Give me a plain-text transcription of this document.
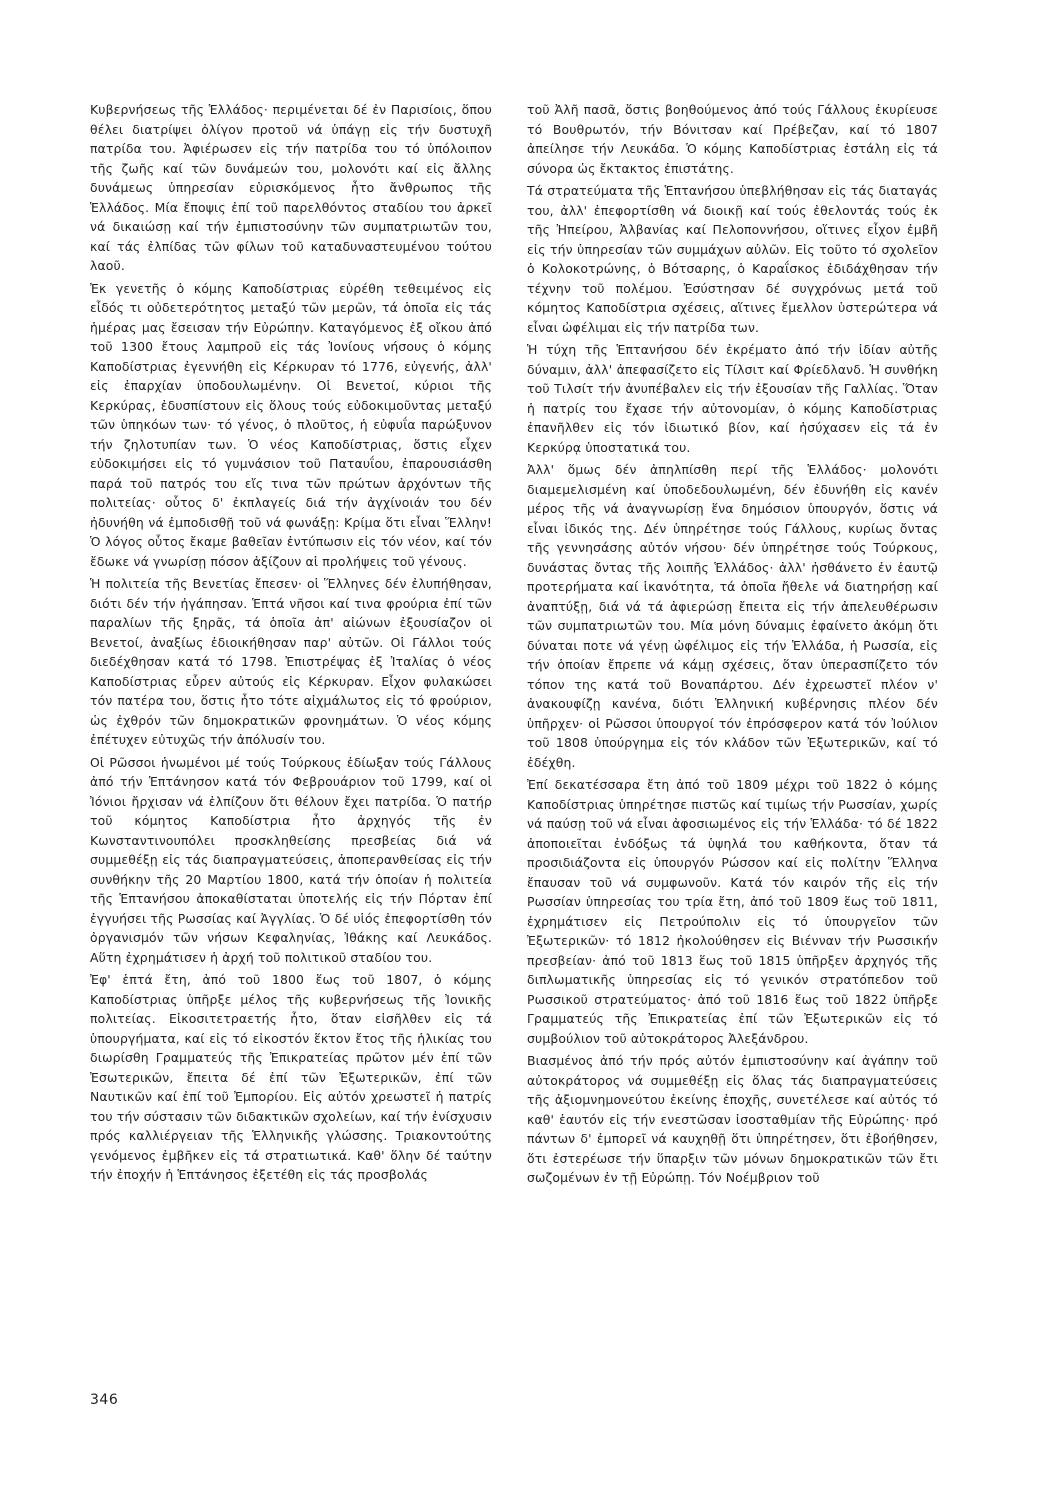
Κυβερνήσεως τῆς Ἑλλάδος· περιμένεται δέ ἐν Παρισίοις, ὅπου θέλει διατρίψει ὀλίγον προτοῦ νά ὑπάγῃ εἰς τήν δυστυχῆ πατρίδα του. Ἀφιέρωσεν εἰς τήν πατρίδα του τό ὑπόλοιπον τῆς ζωῆς καί τῶν δυνάμεών του, μολονότι καί εἰς ἄλλης δυνάμεως ὑπηρεσίαν εὑρισκόμενος ἦτο ἄνθρωπος τῆς Ἑλλάδος. Μία ἔποψις ἐπί τοῦ παρελθόντος σταδίου του ἀρκεῖ νά δικαιώσῃ καί τήν ἐμπιστοσύνην τῶν συμπατριωτῶν του, καί τάς ἐλπίδας τῶν φίλων τοῦ καταδυναστευμένου τούτου λαοῦ.

Ἐκ γενετῆς ὁ κόμης Καποδίστριας εὑρέθη τεθειμένος εἰς εἶδός τι οὐδετερότητος μεταξύ τῶν μερῶν, τά ὁποῖα εἰς τάς ἡμέρας μας ἔσεισαν τήν Εὐρώπην. Καταγόμενος ἐξ οἴκου ἀπό τοῦ 1300 ἔτους λαμπροῦ εἰς τάς Ἰονίους νήσους ὁ κόμης Καποδίστριας ἐγεννήθη εἰς Κέρκυραν τό 1776, εὐγενής, ἀλλ' εἰς ἐπαρχίαν ὑποδουλωμένην. Οἱ Βενετοί, κύριοι τῆς Κερκύρας, ἐδυσπίστουν εἰς ὅλους τούς εὐδοκιμοῦντας μεταξύ τῶν ὑπηκόων των· τό γένος, ὁ πλοῦτος, ἡ εὐφυΐα παρώξυνον τήν ζηλοτυπίαν των. Ὁ νέος Καποδίστριας, ὅστις εἶχεν εὐδοκιμήσει εἰς τό γυμνάσιον τοῦ Παταυΐου, ἐπαρουσιάσθη παρά τοῦ πατρός του εἴς τινα τῶν πρώτων ἀρχόντων τῆς πολιτείας· οὗτος δ' ἐκπλαγείς διά τήν ἀγχίνοιάν του δέν ἠδυνήθη νά ἐμποδισθῇ τοῦ νά φωνάξῃ: Κρίμα ὅτι εἶναι Ἕλλην! Ὁ λόγος οὗτος ἔκαμε βαθεῖαν ἐντύπωσιν εἰς τόν νέον, καί τόν ἔδωκε νά γνωρίσῃ πόσον ἀξίζουν αἱ προλήψεις τοῦ γένους.

Ἡ πολιτεία τῆς Βενετίας ἔπεσεν· οἱ Ἕλληνες δέν ἐλυπήθησαν, διότι δέν τήν ἠγάπησαν. Ἑπτά νῆσοι καί τινα φρούρια ἐπί τῶν παραλίων τῆς ξηρᾶς, τά ὁποῖα ἀπ' αἰώνων ἐξουσίαζον οἱ Βενετοί, ἀναξίως ἐδιοικήθησαν παρ' αὐτῶν. Οἱ Γάλλοι τούς διεδέχθησαν κατά τό 1798. Ἐπιστρέψας ἐξ Ἰταλίας ὁ νέος Καποδίστριας εὗρεν αὐτούς εἰς Κέρκυραν. Εἶχον φυλακώσει τόν πατέρα του, ὅστις ἦτο τότε αἰχμάλωτος εἰς τό φρούριον, ὡς ἐχθρόν τῶν δημοκρατικῶν φρονημάτων. Ὁ νέος κόμης ἐπέτυχεν εὐτυχῶς τήν ἀπόλυσίν του.

Οἱ Ρῶσσοι ἡνωμένοι μέ τούς Τούρκους ἐδίωξαν τούς Γάλλους ἀπό τήν Ἑπτάνησον κατά τόν Φεβρουάριον τοῦ 1799, καί οἱ Ἰόνιοι ἤρχισαν νά ἐλπίζουν ὅτι θέλουν ἔχει πατρίδα. Ὁ πατήρ τοῦ κόμητος Καποδίστρια ἦτο ἀρχηγός τῆς ἐν Κωνσταντινουπόλει προσκληθείσης πρεσβείας διά νά συμμεθέξῃ εἰς τάς διαπραγματεύσεις, ἀποπερανθείσας εἰς τήν συνθήκην τῆς 20 Μαρτίου 1800, κατά τήν ὁποίαν ἡ πολιτεία τῆς Ἑπτανήσου ἀποκαθίσταται ὑποτελής εἰς τήν Πόρταν ἐπί ἐγγυήσει τῆς Ρωσσίας καί Ἀγγλίας. Ὁ δέ υἱός ἐπεφορτίσθη τόν ὀργανισμόν τῶν νήσων Κεφαληνίας, Ἰθάκης καί Λευκάδος. Αὕτη ἐχρημάτισεν ἡ ἀρχή τοῦ πολιτικοῦ σταδίου του.

Ἐφ' ἑπτά ἔτη, ἀπό τοῦ 1800 ἕως τοῦ 1807, ὁ κόμης Καποδίστριας ὑπῆρξε μέλος τῆς κυβερνήσεως τῆς Ἰονικῆς πολιτείας. Εἰκοσιτετραετής ἦτο, ὅταν εἰσῆλθεν εἰς τά ὑπουργήματα, καί εἰς τό εἰκοστόν ἕκτον ἔτος τῆς ἡλικίας του διωρίσθη Γραμματεύς τῆς Ἐπικρατείας πρῶτον μέν ἐπί τῶν Ἐσωτερικῶν, ἔπειτα δέ ἐπί τῶν Ἐξωτερικῶν, ἐπί τῶν Ναυτικῶν καί ἐπί τοῦ Ἐμπορίου. Εἰς αὐτόν χρεωστεῖ ἡ πατρίς του τήν σύστασιν τῶν διδακτικῶν σχολείων, καί τήν ἐνίσχυσιν πρός καλλιέργειαν τῆς Ἑλληνικῆς γλώσσης. Τριακοντούτης γενόμενος ἐμβῆκεν εἰς τά στρατιωτικά. Καθ' ὅλην δέ ταύτην τήν ἐποχήν ἡ Ἑπτάνησος ἐξετέθη εἰς τάς προσβολάς

τοῦ Ἀλῆ πασᾶ, ὅστις βοηθούμενος ἀπό τούς Γάλλους ἐκυρίευσε τό Βουθρωτόν, τήν Βόνιτσαν καί Πρέβεζαν, καί τό 1807 ἀπείλησε τήν Λευκάδα. Ὁ κόμης Καποδίστριας ἐστάλη εἰς τά σύνορα ὡς ἔκτακτος ἐπιστάτης.

Τά στρατεύματα τῆς Ἑπτανήσου ὑπεβλήθησαν εἰς τάς διαταγάς του, ἀλλ' ἐπεφορτίσθη νά διοικῇ καί τούς ἐθελοντάς τούς ἐκ τῆς Ἠπείρου, Ἀλβανίας καί Πελοποννήσου, οἵτινες εἶχον ἐμβῆ εἰς τήν ὑπηρεσίαν τῶν συμμάχων αὐλῶν. Εἰς τοῦτο τό σχολεῖον ὁ Κολοκοτρώνης, ὁ Βότσαρης, ὁ Καραΐσκος ἐδιδάχθησαν τήν τέχνην τοῦ πολέμου. Ἐσύστησαν δέ συγχρόνως μετά τοῦ κόμητος Καποδίστρια σχέσεις, αἵτινες ἔμελλον ὑστερώτερα νά εἶναι ὠφέλιμαι εἰς τήν πατρίδα των.

Ἡ τύχη τῆς Ἑπτανήσου δέν ἐκρέματο ἀπό τήν ἰδίαν αὐτῆς δύναμιν, ἀλλ' ἀπεφασίζετο εἰς Τίλσιτ καί Φρίεδλανδ. Ἡ συνθήκη τοῦ Τιλσίτ τήν ἀνυπέβαλεν εἰς τήν ἐξουσίαν τῆς Γαλλίας. Ὅταν ἡ πατρίς του ἔχασε τήν αὐτονομίαν, ὁ κόμης Καποδίστριας ἐπανῆλθεν εἰς τόν ἰδιωτικό βίον, καί ἡσύχασεν εἰς τά ἐν Κερκύρᾳ ὑποστατικά του.

Ἀλλ' ὅμως δέν ἀπηλπίσθη περί τῆς Ἑλλάδος· μολονότι διαμεμελισμένη καί ὑποδεδουλωμένη, δέν ἐδυνήθη εἰς κανέν μέρος τῆς νά ἀναγνωρίσῃ ἕνα δημόσιον ὑπουργόν, ὅστις νά εἶναι ἰδικός της. Δέν ὑπηρέτησε τούς Γάλλους, κυρίως ὄντας τῆς γεννησάσης αὐτόν νήσου· δέν ὑπηρέτησε τούς Τούρκους, δυνάστας ὄντας τῆς λοιπῆς Ἑλλάδος· ἀλλ' ἠσθάνετο ἐν ἑαυτῷ προτερήματα καί ἱκανότητα, τά ὁποῖα ἤθελε νά διατηρήσῃ καί ἀναπτύξῃ, διά νά τά ἀφιερώσῃ ἔπειτα εἰς τήν ἀπελευθέρωσιν τῶν συμπατριωτῶν του. Μία μόνη δύναμις ἐφαίνετο ἀκόμη ὅτι δύναται ποτε νά γένῃ ὠφέλιμος εἰς τήν Ἑλλάδα, ἡ Ρωσσία, εἰς τήν ὁποίαν ἔπρεπε νά κάμῃ σχέσεις, ὅταν ὑπερασπίζετο τόν τόπον της κατά τοῦ Βοναπάρτου. Δέν ἐχρεωστεῖ πλέον ν' ἀνακουφίζῃ κανένα, διότι Ἑλληνική κυβέρνησις πλέον δέν ὑπῆρχεν· οἱ Ρῶσσοι ὑπουργοί τόν ἐπρόσφερον κατά τόν Ἰούλιον τοῦ 1808 ὑπούργημα εἰς τόν κλάδον τῶν Ἐξωτερικῶν, καί τό ἐδέχθη.

Ἐπί δεκατέσσαρα ἔτη ἀπό τοῦ 1809 μέχρι τοῦ 1822 ὁ κόμης Καποδίστριας ὑπηρέτησε πιστῶς καί τιμίως τήν Ρωσσίαν, χωρίς νά παύσῃ τοῦ νά εἶναι ἀφοσιωμένος εἰς τήν Ἑλλάδα· τό δέ 1822 ἀποποιεῖται ἐνδόξως τά ὑψηλά του καθήκοντα, ὅταν τά προσιδιάζοντα εἰς ὑπουργόν Ρώσσον καί εἰς πολίτην Ἕλληνα ἔπαυσαν τοῦ νά συμφωνοῦν. Κατά τόν καιρόν τῆς εἰς τήν Ρωσσίαν ὑπηρεσίας του τρία ἔτη, ἀπό τοῦ 1809 ἕως τοῦ 1811, ἐχρημάτισεν εἰς Πετρούπολιν εἰς τό ὑπουργεῖον τῶν Ἐξωτερικῶν· τό 1812 ἠκολούθησεν εἰς Βιένναν τήν Ρωσσικήν πρεσβείαν· ἀπό τοῦ 1813 ἕως τοῦ 1815 ὑπῆρξεν ἀρχηγός τῆς διπλωματικῆς ὑπηρεσίας εἰς τό γενικόν στρατόπεδον τοῦ Ρωσσικοῦ στρατεύματος· ἀπό τοῦ 1816 ἕως τοῦ 1822 ὑπῆρξε Γραμματεύς τῆς Ἐπικρατείας ἐπί τῶν Ἐξωτερικῶν εἰς τό συμβούλιον τοῦ αὐτοκράτορος Ἀλεξάνδρου.

Βιασμένος ἀπό τήν πρός αὐτόν ἐμπιστοσύνην καί ἀγάπην τοῦ αὐτοκράτορος νά συμμεθέξῃ εἰς ὅλας τάς διαπραγματεύσεις τῆς ἀξιομνημονεύτου ἐκείνης ἐποχῆς, συνετέλεσε καί αὐτός τό καθ' ἑαυτόν εἰς τήν ενεστῶσαν ἰσοσταθμίαν τῆς Εὐρώπης· πρό πάντων δ' ἐμπορεῖ νά καυχηθῇ ὅτι ὑπηρέτησεν, ὅτι ἐβοήθησεν, ὅτι ἐστερέωσε τήν ὕπαρξιν τῶν μόνων δημοκρατικῶν τῶν ἔτι σωζομένων ἐν τῇ Εὐρώπῃ. Τόν Νοέμβριον τοῦ

346
